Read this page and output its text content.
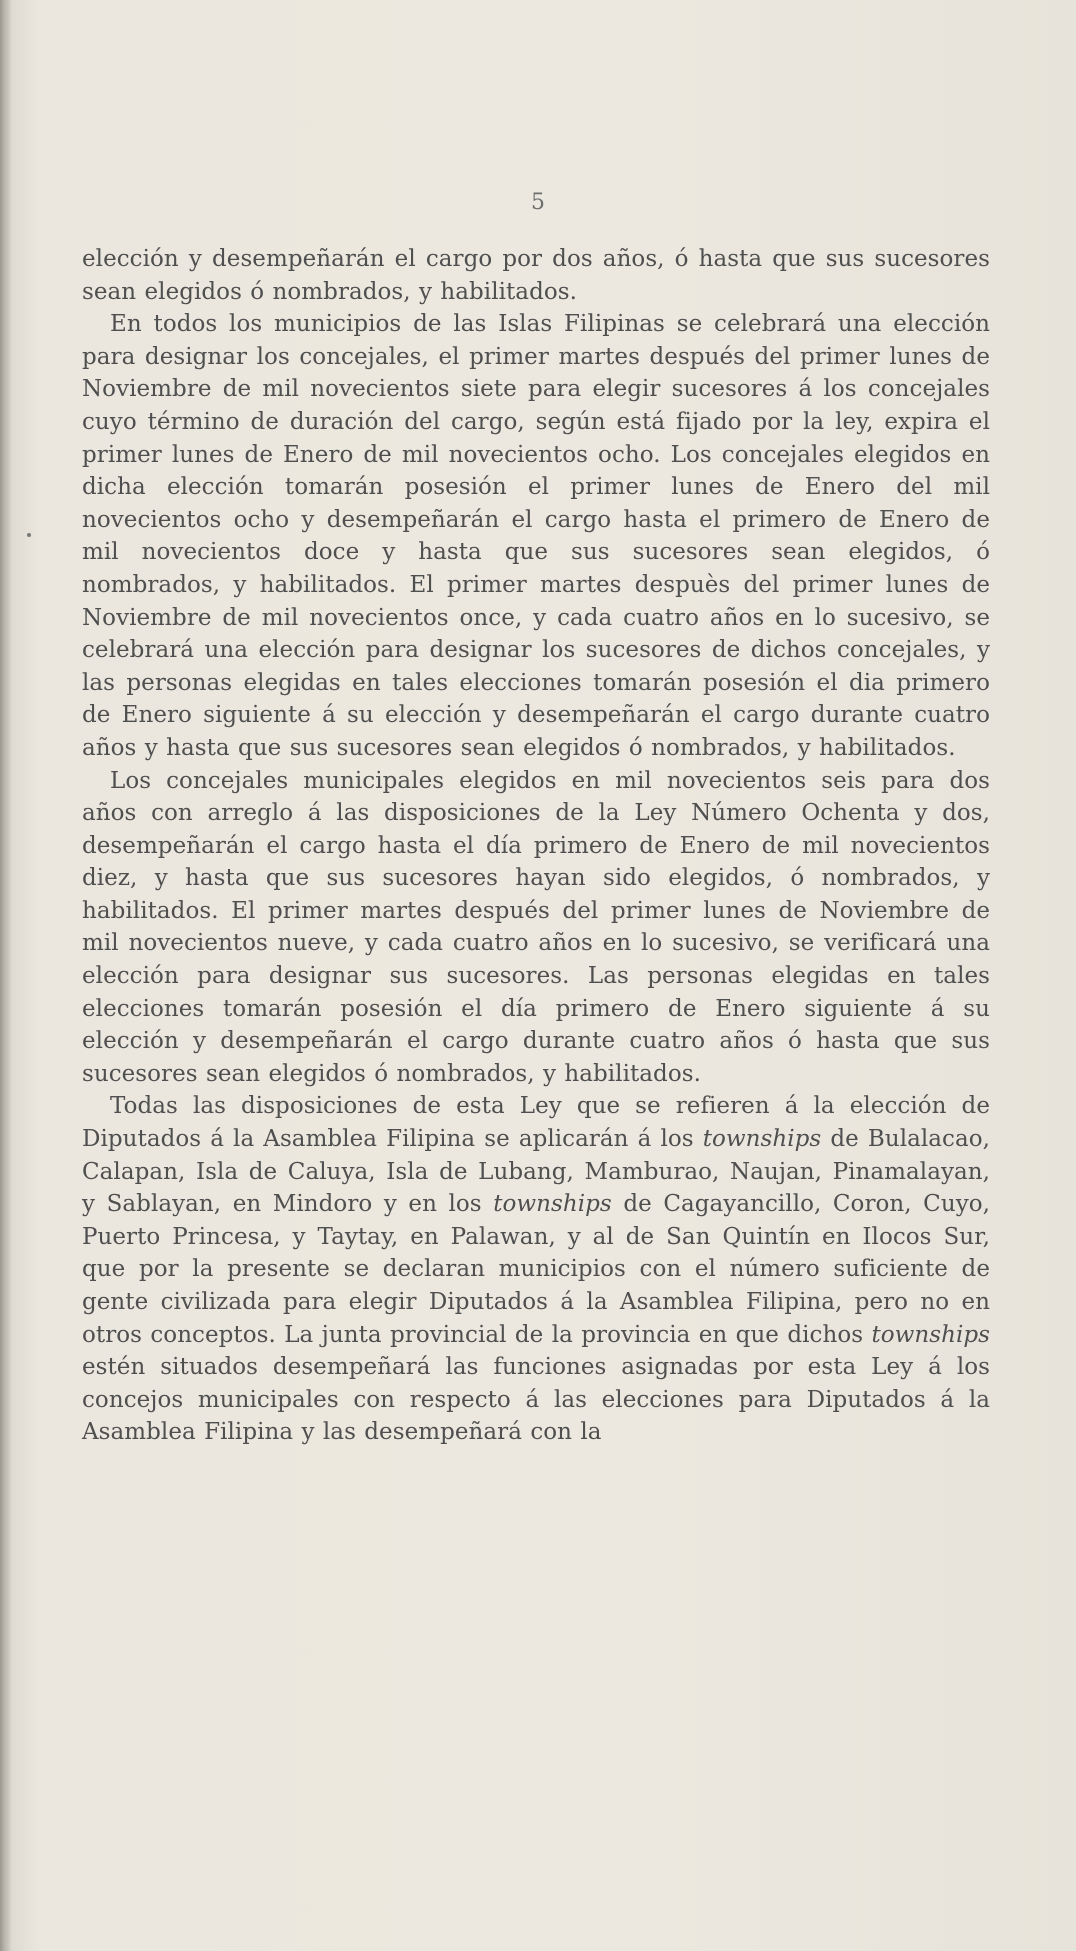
5

elección y desempeñarán el cargo por dos años, ó hasta que sus sucesores sean elegidos ó nombrados, y habilitados.

En todos los municipios de las Islas Filipinas se celebrará una elección para designar los concejales, el primer martes después del primer lunes de Noviembre de mil novecientos siete para elegir sucesores á los concejales cuyo término de duración del cargo, según está fijado por la ley, expira el primer lunes de Enero de mil novecientos ocho. Los concejales elegidos en dicha elección tomarán posesión el primer lunes de Enero del mil novecientos ocho y desempeñarán el cargo hasta el primero de Enero de mil novecientos doce y hasta que sus sucesores sean elegidos, ó nombrados, y habilitados. El primer martes despuès del primer lunes de Noviembre de mil novecientos once, y cada cuatro años en lo sucesivo, se celebrará una elección para designar los sucesores de dichos concejales, y las personas elegidas en tales elecciones tomarán posesión el dia primero de Enero siguiente á su elección y desempeñarán el cargo durante cuatro años y hasta que sus sucesores sean elegidos ó nombrados, y habilitados.

Los concejales municipales elegidos en mil novecientos seis para dos años con arreglo á las disposiciones de la Ley Número Ochenta y dos, desempeñarán el cargo hasta el día primero de Enero de mil novecientos diez, y hasta que sus sucesores hayan sido elegidos, ó nombrados, y habilitados. El primer martes después del primer lunes de Noviembre de mil novecientos nueve, y cada cuatro años en lo sucesivo, se verificará una elección para designar sus sucesores. Las personas elegidas en tales elecciones tomarán posesión el día primero de Enero siguiente á su elección y desempeñarán el cargo durante cuatro años ó hasta que sus sucesores sean elegidos ó nombrados, y habilitados.

Todas las disposiciones de esta Ley que se refieren á la elección de Diputados á la Asamblea Filipina se aplicarán á los townships de Bulalacao, Calapan, Isla de Caluya, Isla de Lubang, Mamburao, Naujan, Pinamalayan, y Sablayan, en Mindoro y en los townships de Cagayancillo, Coron, Cuyo, Puerto Princesa, y Taytay, en Palawan, y al de San Quintín en Ilocos Sur, que por la presente se declaran municipios con el número suficiente de gente civilizada para elegir Diputados á la Asamblea Filipina, pero no en otros conceptos. La junta provincial de la provincia en que dichos townships estén situados desempeñará las funciones asignadas por esta Ley á los concejos municipales con respecto á las elecciones para Diputados á la Asamblea Filipina y las desempeñará con la
